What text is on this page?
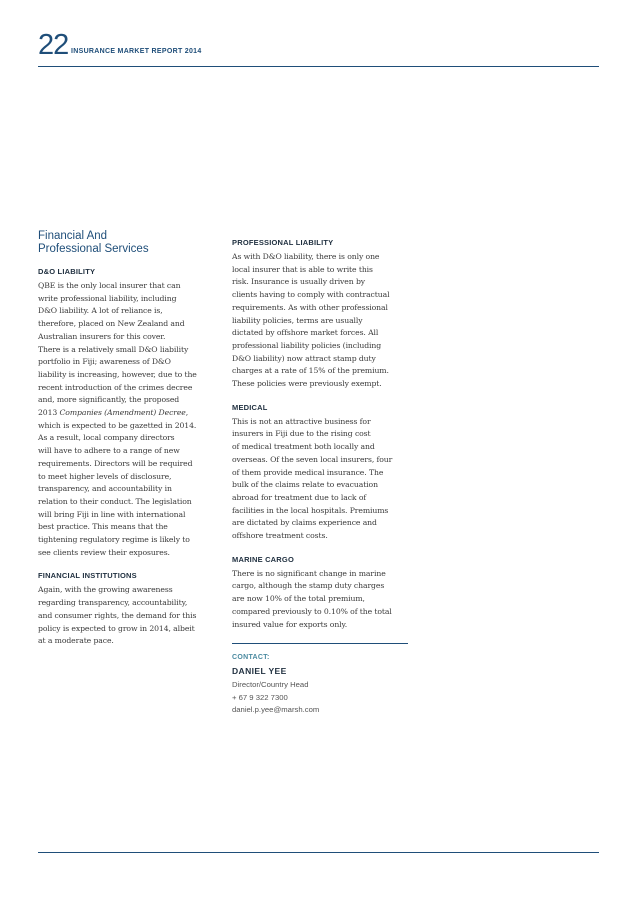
22 INSURANCE MARKET REPORT 2014
Financial And
Professional Services
D&O LIABILITY
QBE is the only local insurer that can
write professional liability, including
D&O liability. A lot of reliance is,
therefore, placed on New Zealand and
Australian insurers for this cover.
There is a relatively small D&O liability
portfolio in Fiji; awareness of D&O
liability is increasing, however, due to the
recent introduction of the crimes decree
and, more significantly, the proposed
2013 Companies (Amendment) Decree,
which is expected to be gazetted in 2014.
As a result, local company directors
will have to adhere to a range of new
requirements. Directors will be required
to meet higher levels of disclosure,
transparency, and accountability in
relation to their conduct. The legislation
will bring Fiji in line with international
best practice. This means that the
tightening regulatory regime is likely to
see clients review their exposures.
FINANCIAL INSTITUTIONS
Again, with the growing awareness
regarding transparency, accountability,
and consumer rights, the demand for this
policy is expected to grow in 2014, albeit
at a moderate pace.
PROFESSIONAL LIABILITY
As with D&O liability, there is only one
local insurer that is able to write this
risk. Insurance is usually driven by
clients having to comply with contractual
requirements. As with other professional
liability policies, terms are usually
dictated by offshore market forces. All
professional liability policies (including
D&O liability) now attract stamp duty
charges at a rate of 15% of the premium.
These policies were previously exempt.
MEDICAL
This is not an attractive business for
insurers in Fiji due to the rising cost
of medical treatment both locally and
overseas. Of the seven local insurers, four
of them provide medical insurance. The
bulk of the claims relate to evacuation
abroad for treatment due to lack of
facilities in the local hospitals. Premiums
are dictated by claims experience and
offshore treatment costs.
MARINE CARGO
There is no significant change in marine
cargo, although the stamp duty charges
are now 10% of the total premium,
compared previously to 0.10% of the total
insured value for exports only.
CONTACT:
DANIEL YEE
Director/Country Head
+ 67 9 322 7300
daniel.p.yee@marsh.com
